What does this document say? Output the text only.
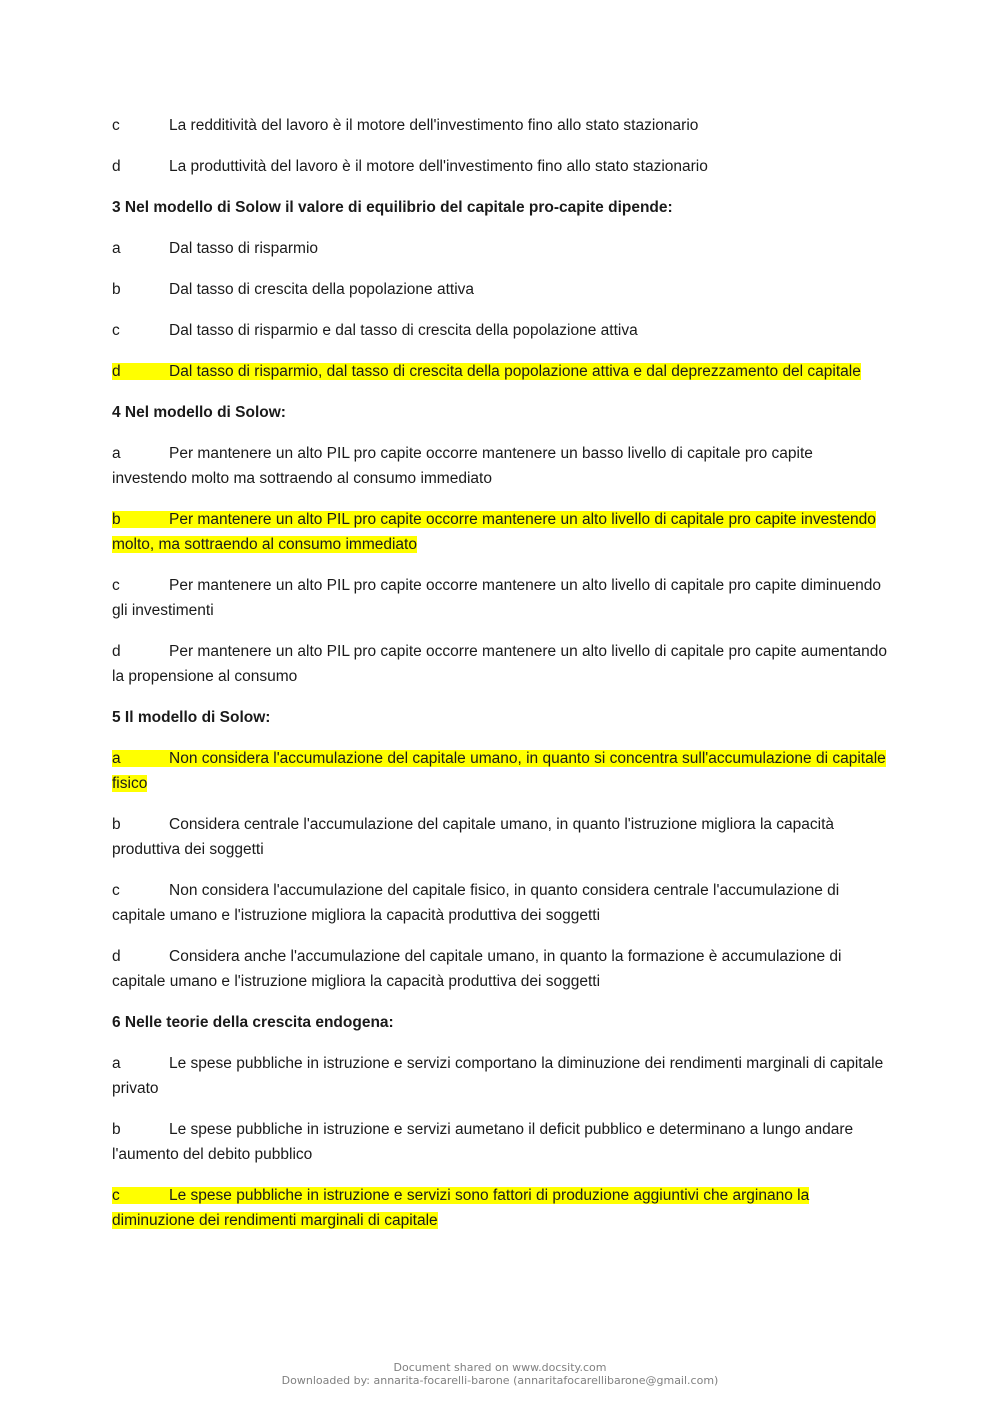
c	La redditività del lavoro è il motore dell'investimento fino allo stato stazionario

d	La produttività del lavoro è il motore dell'investimento fino allo stato stazionario

3 Nel modello di Solow il valore di equilibrio del capitale pro-capite dipende:

a	Dal tasso di risparmio

b	Dal tasso di crescita della popolazione attiva

c	Dal tasso di risparmio e dal tasso di crescita della popolazione attiva

d	Dal tasso di risparmio, dal tasso di crescita della popolazione attiva e dal deprezzamento del capitale

4 Nel modello di Solow:

a	Per mantenere un alto PIL pro capite occorre mantenere un basso livello di capitale pro capite investendo molto ma sottraendo al consumo immediato

b	Per mantenere un alto PIL pro capite occorre mantenere un alto livello di capitale pro capite investendo molto, ma sottraendo al consumo immediato

c	Per mantenere un alto PIL pro capite occorre mantenere un alto livello di capitale pro capite diminuendo gli investimenti

d	Per mantenere un alto PIL pro capite occorre mantenere un alto livello di capitale pro capite aumentando la propensione al consumo

5 Il modello di Solow:

a	Non considera l'accumulazione del capitale umano, in quanto si concentra sull'accumulazione di capitale fisico

b	Considera centrale l'accumulazione del capitale umano, in quanto l'istruzione migliora la capacità produttiva dei soggetti

c	Non considera l'accumulazione del capitale fisico, in quanto considera centrale l'accumulazione di capitale umano e l'istruzione migliora la capacità produttiva dei soggetti

d	Considera anche l'accumulazione del capitale umano, in quanto la formazione è accumulazione di capitale umano e l'istruzione migliora la capacità produttiva dei soggetti

6 Nelle teorie della crescita endogena:

a	Le spese pubbliche in istruzione e servizi comportano la diminuzione dei rendimenti marginali di capitale privato

b	Le spese pubbliche in istruzione e servizi aumetano il deficit pubblico e determinano a lungo andare l'aumento del debito pubblico

c	Le spese pubbliche in istruzione e servizi sono fattori di produzione aggiuntivi che arginano la diminuzione dei rendimenti marginali di capitale

Document shared on www.docsity.com
Downloaded by: annarita-focarelli-barone (annaritafocarellibarone@gmail.com)
